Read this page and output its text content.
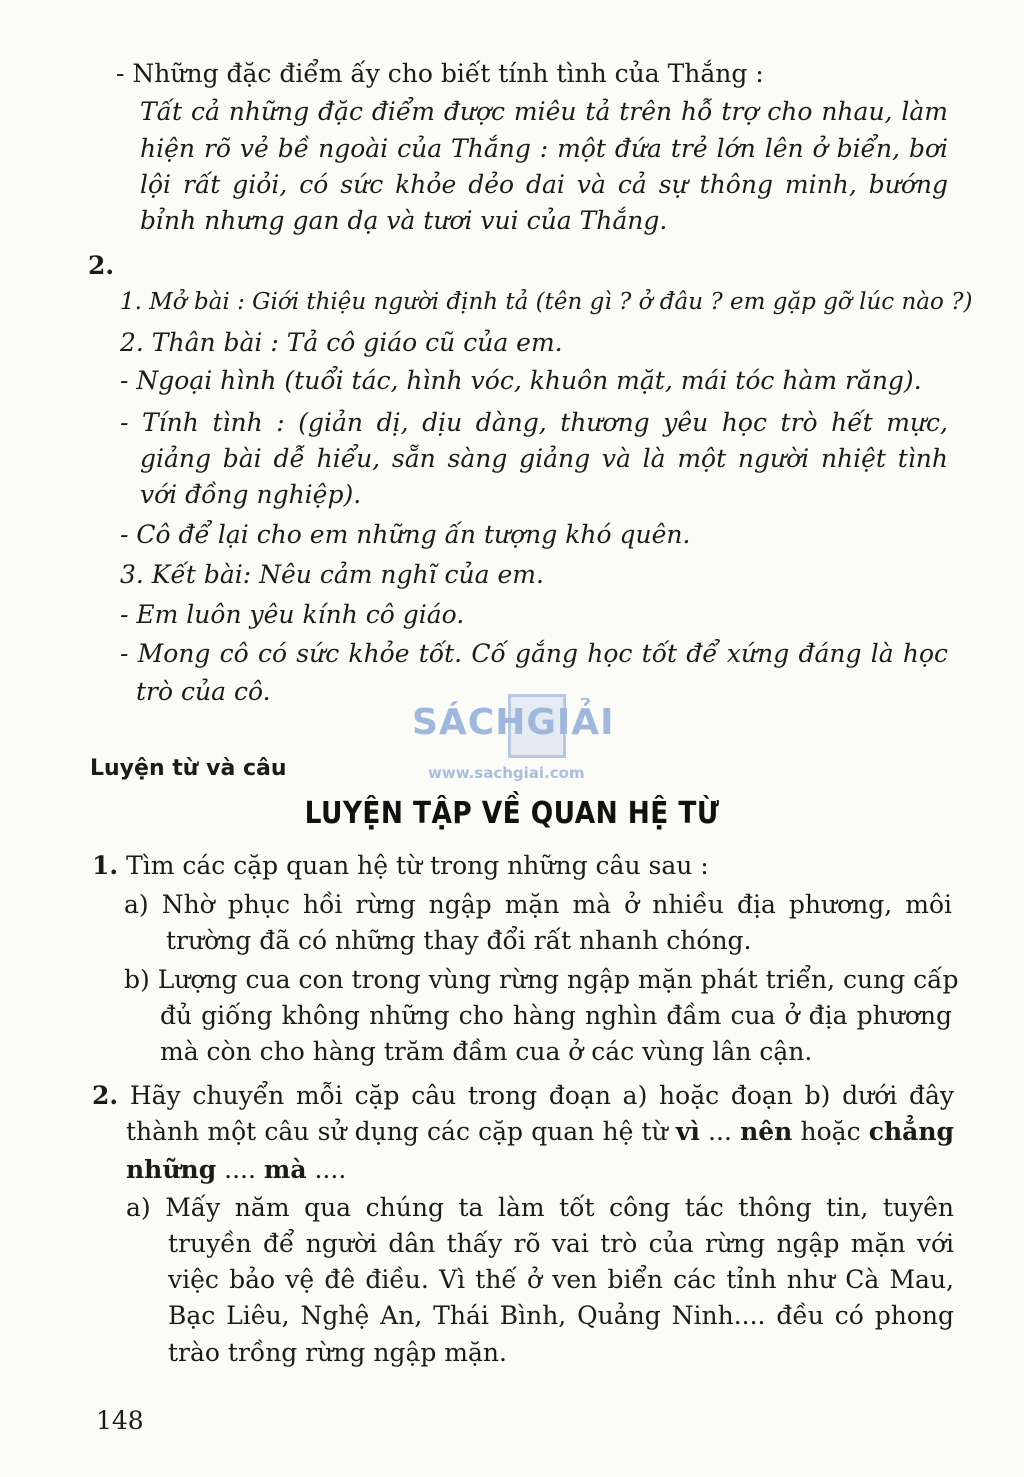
- Những đặc điểm ấy cho biết tính tình của Thắng :
Tất cả những đặc điểm được miêu tả trên hỗ trợ cho nhau, làm
hiện rõ vẻ bề ngoài của Thắng : một đứa trẻ lớn lên ở biển, bơi
lội rất giỏi, có sức khỏe dẻo dai và cả sự thông minh, bướng
bỉnh nhưng gan dạ và tươi vui của Thắng.
2.
1. Mở bài : Giới thiệu người định tả (tên gì ? ở đâu ? em gặp gỡ lúc nào ?)
2. Thân bài : Tả cô giáo cũ của em.
- Ngoại hình (tuổi tác, hình vóc, khuôn mặt, mái tóc hàm răng).
- Tính tình : (giản dị, dịu dàng, thương yêu học trò hết mực,
giảng bài dễ hiểu, sẵn sàng giảng và là một người nhiệt tình
với đồng nghiệp).
- Cô để lại cho em những ấn tượng khó quên.
3. Kết bài: Nêu cảm nghĩ của em.
- Em luôn yêu kính cô giáo.
- Mong cô có sức khỏe tốt. Cố gắng học tốt để xứng đáng là học
trò của cô.
SÁCHGIẢI
www.sachgiai.com
Luyện từ và câu
LUYỆN TẬP VỀ QUAN HỆ TỪ
1. Tìm các cặp quan hệ từ trong những câu sau :
a) Nhờ phục hồi rừng ngập mặn mà ở nhiều địa phương, môi
trường đã có những thay đổi rất nhanh chóng.
b) Lượng cua con trong vùng rừng ngập mặn phát triển, cung cấp
đủ giống không những cho hàng nghìn đầm cua ở địa phương
mà còn cho hàng trăm đầm cua ở các vùng lân cận.
2. Hãy chuyển mỗi cặp câu trong đoạn a) hoặc đoạn b) dưới đây
thành một câu sử dụng các cặp quan hệ từ vì ... nên hoặc chẳng
những .... mà ....
a) Mấy năm qua chúng ta làm tốt công tác thông tin, tuyên
truyền để người dân thấy rõ vai trò của rừng ngập mặn với
việc bảo vệ đê điều. Vì thế ở ven biển các tỉnh như Cà Mau,
Bạc Liêu, Nghệ An, Thái Bình, Quảng Ninh.... đều có phong
trào trồng rừng ngập mặn.
148
